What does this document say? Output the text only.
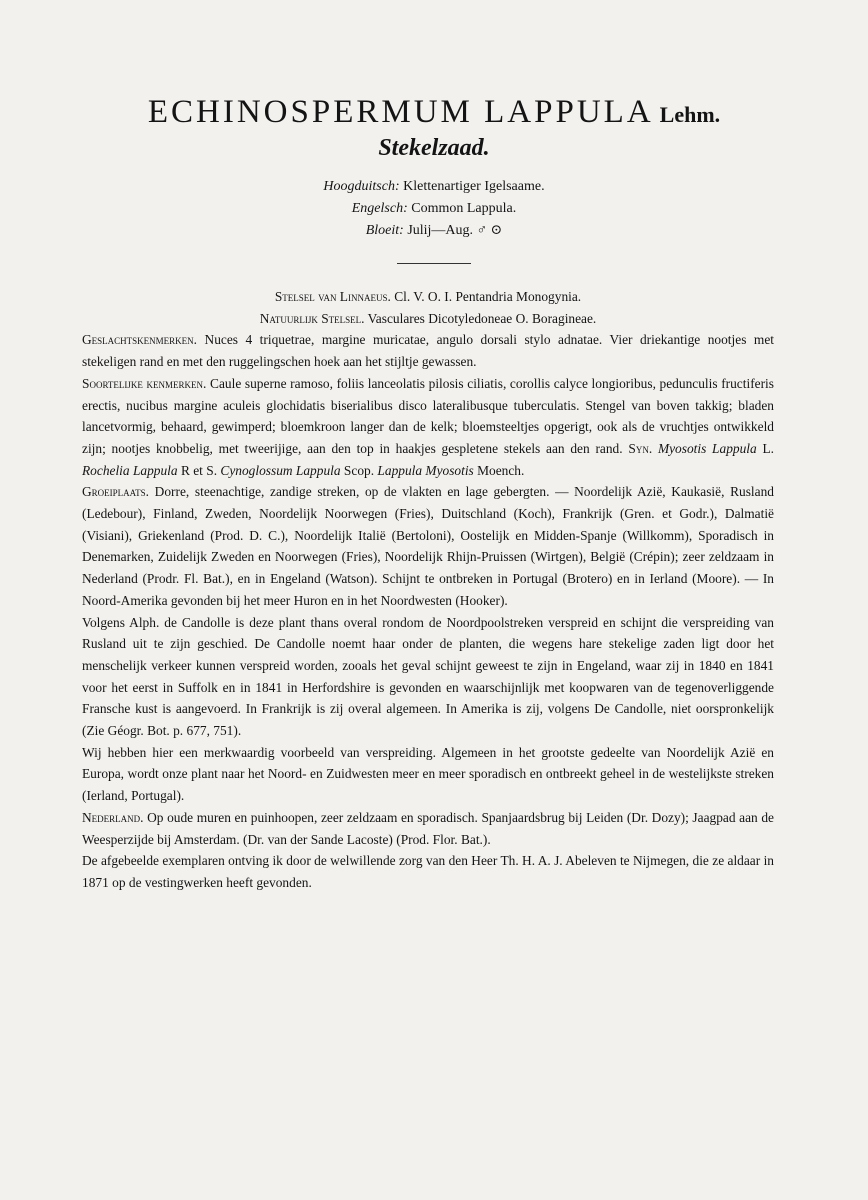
ECHINOSPERMUM LAPPULA Lehm.
Stekelzaad.
Hoogduitsch: Klettenartiger Igelsaame.
Engelsch: Common Lappula.
Bloeit: Julij—Aug. ♂ ⊙

Stelsel van Linnaeus. Cl. V. O. I. Pentandria Monogynia.

Natuurlijk Stelsel. Vasculares Dicotyledoneae O. Boragineae.

Geslachtskenmerken. Nuces 4 triquetrae, margine muricatae, angulo dorsali stylo adnatae. Vier driekantige nootjes met stekeligen rand en met den ruggelingschen hoek aan het stijltje gewassen.

Soortelijke kenmerken. Caule superne ramoso, foliis lanceolatis pilosis ciliatis, corollis calyce longioribus, pedunculis fructiferis erectis, nucibus margine aculeis glochidatis biserialibus disco lateralibusque tuberculatis. Stengel van boven takkig; bladen lancetvormig, behaard, gewimperd; bloemkroon langer dan de kelk; bloemsteeltjes opgerigt, ook als de vruchtjes ontwikkeld zijn; nootjes knobbelig, met tweerijige, aan den top in haakjes gespletene stekels aan den rand. Syn. Myosotis Lappula L. Rochelia Lappula R et S. Cynoglossum Lappula Scop. Lappula Myosotis Moench.

Groeiplaats. Dorre, steenachtige, zandige streken, op de vlakten en lage gebergten. — Noordelijk Azië, Kaukasië, Rusland (Ledebour), Finland, Zweden, Noordelijk Noorwegen (Fries), Duitschland (Koch), Frankrijk (Gren. et Godr.), Dalmatië (Visiani), Griekenland (Prod. D. C.), Noordelijk Italië (Bertoloni), Oostelijk en Midden-Spanje (Willkomm), Sporadisch in Denemarken, Zuidelijk Zweden en Noorwegen (Fries), Noordelijk Rhijn-Pruissen (Wirtgen), België (Crépin); zeer zeldzaam in Nederland (Prodr. Fl. Bat.), en in Engeland (Watson). Schijnt te ontbreken in Portugal (Brotero) en in Ierland (Moore). — In Noord-Amerika gevonden bij het meer Huron en in het Noordwesten (Hooker).

Volgens Alph. de Candolle is deze plant thans overal rondom de Noordpoolstreken verspreid en schijnt die verspreiding van Rusland uit te zijn geschied. De Candolle noemt haar onder de planten, die wegens hare stekelige zaden ligt door het menschelijk verkeer kunnen verspreid worden, zooals het geval schijnt geweest te zijn in Engeland, waar zij in 1840 en 1841 voor het eerst in Suffolk en in 1841 in Herfordshire is gevonden en waarschijnlijk met koopwaren van de tegenoverliggende Fransche kust is aangevoerd. In Frankrijk is zij overal algemeen. In Amerika is zij, volgens De Candolle, niet oorspronkelijk (Zie Géogr. Bot. p. 677, 751).

Wij hebben hier een merkwaardig voorbeeld van verspreiding. Algemeen in het grootste gedeelte van Noordelijk Azië en Europa, wordt onze plant naar het Noord- en Zuidwesten meer en meer sporadisch en ontbreekt geheel in de westelijkste streken (Ierland, Portugal).

Nederland. Op oude muren en puinhoopen, zeer zeldzaam en sporadisch. Spanjaardsbrug bij Leiden (Dr. Dozy); Jaagpad aan de Weesperzijde bij Amsterdam. (Dr. van der Sande Lacoste) (Prod. Flor. Bat.).

De afgebeelde exemplaren ontving ik door de welwillende zorg van den Heer Th. H. A. J. Abeleven te Nijmegen, die ze aldaar in 1871 op de vestingwerken heeft gevonden.
